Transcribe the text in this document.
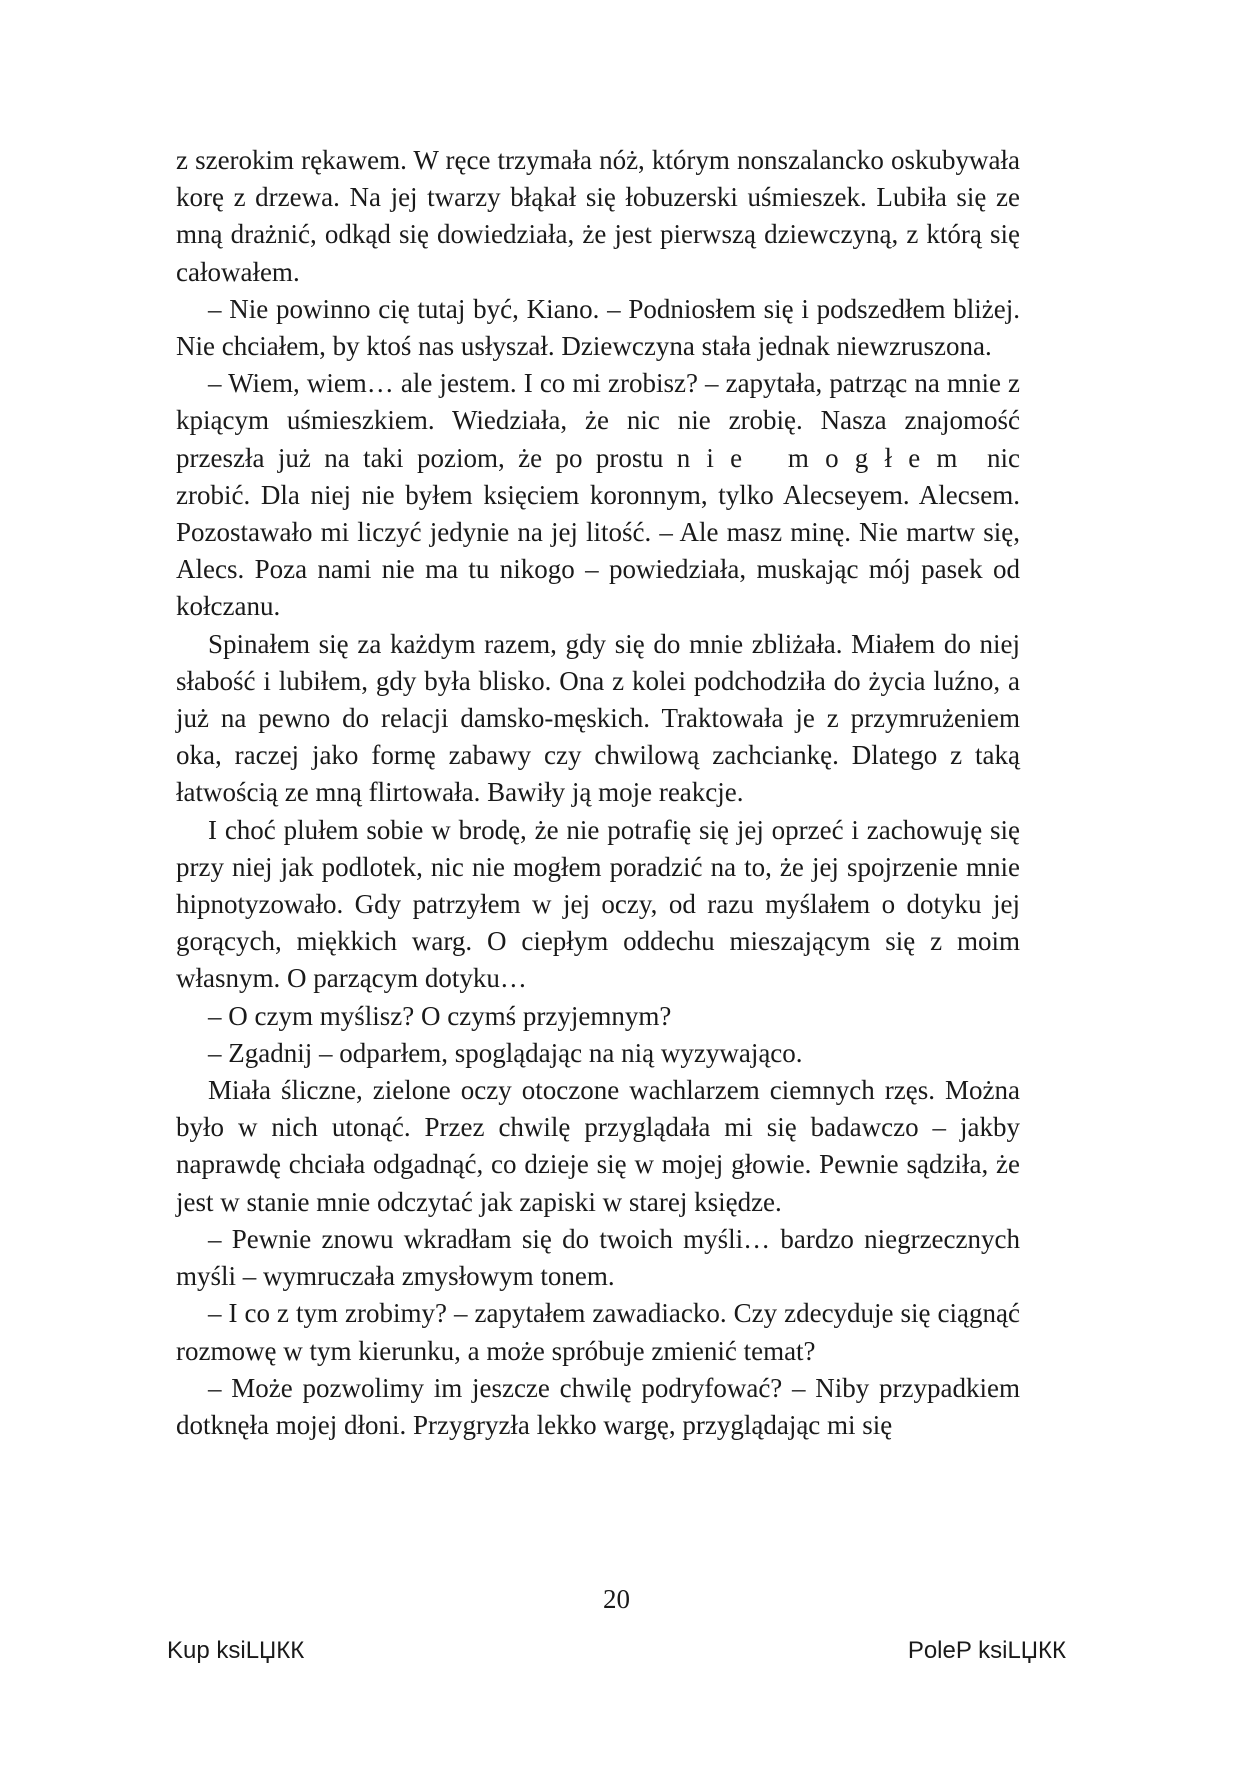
z szerokim rękawem. W ręce trzymała nóż, którym nonszalancko oskubywała korę z drzewa. Na jej twarzy błąkał się łobuzerski uśmieszek. Lubiła się ze mną drażnić, odkąd się dowiedziała, że jest pierwszą dziewczyną, z którą się całowałem.

– Nie powinno cię tutaj być, Kiano. – Podniosłem się i podszedłem bliżej. Nie chciałem, by ktoś nas usłyszał. Dziewczyna stała jednak niewzruszona.

– Wiem, wiem… ale jestem. I co mi zrobisz? – zapytała, patrząc na mnie z kpiącym uśmieszkiem. Wiedziała, że nic nie zrobię. Nasza znajomość przeszła już na taki poziom, że po prostu nie mogłem nic zrobić. Dla niej nie byłem księciem koronnym, tylko Alecseyem. Alecsem. Pozostawało mi liczyć jedynie na jej litość. – Ale masz minę. Nie martw się, Alecs. Poza nami nie ma tu nikogo – powiedziała, muskając mój pasek od kołczanu.

Spinałem się za każdym razem, gdy się do mnie zbliżała. Miałem do niej słabość i lubiłem, gdy była blisko. Ona z kolei podchodziła do życia luźno, a już na pewno do relacji damsko-męskich. Traktowała je z przymrużeniem oka, raczej jako formę zabawy czy chwilową zachciankę. Dlatego z taką łatwością ze mną flirtowała. Bawiły ją moje reakcje.

I choć plułem sobie w brodę, że nie potrafię się jej oprzeć i zachowuję się przy niej jak podlotek, nic nie mogłem poradzić na to, że jej spojrzenie mnie hipnotyzowało. Gdy patrzyłem w jej oczy, od razu myślałem o dotyku jej gorących, miękkich warg. O ciepłym oddechu mieszającym się z moim własnym. O parzącym dotyku…

– O czym myślisz? O czymś przyjemnym?

– Zgadnij – odparłem, spoglądając na nią wyzywająco.

Miała śliczne, zielone oczy otoczone wachlarzem ciemnych rzęs. Można było w nich utonąć. Przez chwilę przyglądała mi się badawczo – jakby naprawdę chciała odgadnąć, co dzieje się w mojej głowie. Pewnie sądziła, że jest w stanie mnie odczytać jak zapiski w starej księdze.

– Pewnie znowu wkradłam się do twoich myśli… bardzo niegrzecznych myśli – wymruczała zmysłowym tonem.

– I co z tym zrobimy? – zapytałem zawadiacko. Czy zdecyduje się ciągnąć rozmowę w tym kierunku, a może spróbuje zmienić temat?

– Może pozwolimy im jeszcze chwilę podryfować? – Niby przypadkiem dotknęła mojej dłoni. Przygryzła lekko wargę, przyglądając mi się

20
Kup ksiLЏКК	PoleP ksiLЏКК
